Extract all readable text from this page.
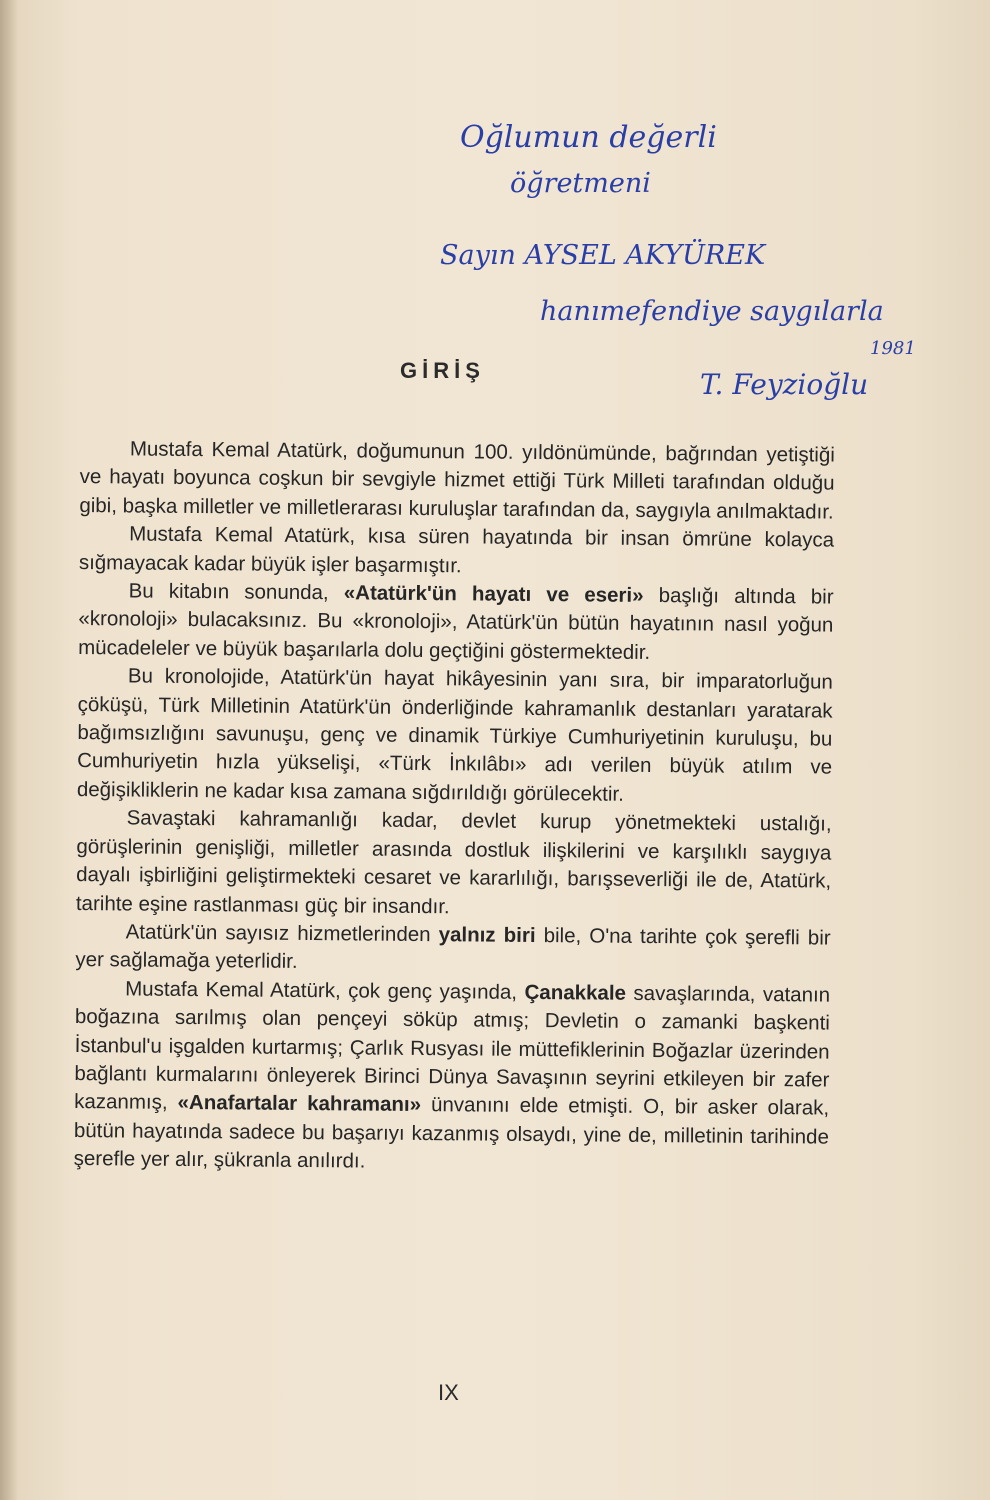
Oğlumun değerli
öğretmeni
Sayın AYSEL AKYÜREK
hanımefendiye saygılarla
1981
T. Feyzioğlu
GİRİŞ

Mustafa Kemal Atatürk, doğumunun 100. yıldönümünde, bağrından yetiştiği ve hayatı boyunca coşkun bir sevgiyle hizmet ettiği Türk Milleti tarafından olduğu gibi, başka milletler ve milletlerarası kuruluşlar tarafından da, saygıyla anılmaktadır.

Mustafa Kemal Atatürk, kısa süren hayatında bir insan ömrüne kolayca sığmayacak kadar büyük işler başarmıştır.

Bu kitabın sonunda, «Atatürk'ün hayatı ve eseri» başlığı altında bir «kronoloji» bulacaksınız. Bu «kronoloji», Atatürk'ün bütün hayatının nasıl yoğun mücadeleler ve büyük başarılarla dolu geçtiğini göstermektedir.

Bu kronolojide, Atatürk'ün hayat hikâyesinin yanı sıra, bir imparatorluğun çöküşü, Türk Milletinin Atatürk'ün önderliğinde kahramanlık destanları yaratarak bağımsızlığını savunuşu, genç ve dinamik Türkiye Cumhuriyetinin kuruluşu, bu Cumhuriyetin hızla yükselişi, «Türk İnkılâbı» adı verilen büyük atılım ve değişikliklerin ne kadar kısa zamana sığdırıldığı görülecektir.

Savaştaki kahramanlığı kadar, devlet kurup yönetmekteki ustalığı, görüşlerinin genişliği, milletler arasında dostluk ilişkilerini ve karşılıklı saygıya dayalı işbirliğini geliştirmekteki cesaret ve kararlılığı, barışseverliği ile de, Atatürk, tarihte eşine rastlanması güç bir insandır.

Atatürk'ün sayısız hizmetlerinden yalnız biri bile, O'na tarihte çok şerefli bir yer sağlamağa yeterlidir.

Mustafa Kemal Atatürk, çok genç yaşında, Çanakkale savaşlarında, vatanın boğazına sarılmış olan pençeyi söküp atmış; Devletin o zamanki başkenti İstanbul'u işgalden kurtarmış; Çarlık Rusyası ile müttefiklerinin Boğazlar üzerinden bağlantı kurmalarını önleyerek Birinci Dünya Savaşının seyrini etkileyen bir zafer kazanmış, «Anafartalar kahramanı» ünvanını elde etmişti. O, bir asker olarak, bütün hayatında sadece bu başarıyı kazanmış olsaydı, yine de, milletinin tarihinde şerefle yer alır, şükranla anılırdı.

IX
